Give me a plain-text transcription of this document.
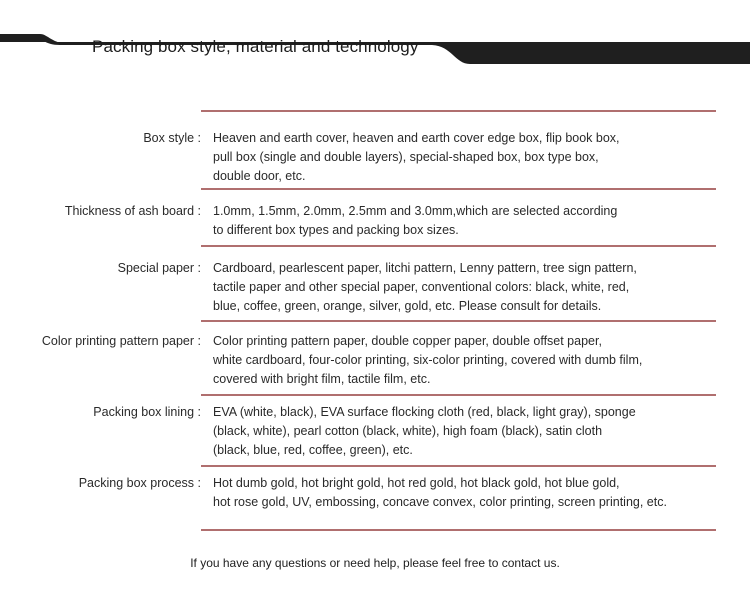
Packing box style, material and technology
Box style : Heaven and earth cover, heaven and earth cover edge box, flip book box,
pull box (single and double layers), special-shaped box, box type box,
double door, etc.
Thickness of ash board : 1.0mm, 1.5mm, 2.0mm, 2.5mm and 3.0mm,which are selected according
to different box types and packing box sizes.
Special paper : Cardboard, pearlescent paper, litchi pattern, Lenny pattern, tree sign pattern,
tactile paper and other special paper, conventional colors: black, white, red,
blue, coffee, green, orange, silver, gold, etc. Please consult for details.
Color printing pattern paper : Color printing pattern paper, double copper paper, double offset paper,
white cardboard, four-color printing, six-color printing, covered with dumb film,
covered with bright film, tactile film, etc.
Packing box lining : EVA (white, black), EVA surface flocking cloth (red, black, light gray), sponge
(black, white), pearl cotton (black, white), high foam (black), satin cloth
(black, blue, red, coffee, green), etc.
Packing box process : Hot dumb gold, hot bright gold, hot red gold, hot black gold, hot blue gold,
hot rose gold, UV, embossing, concave convex, color printing, screen printing, etc.
If you have any questions or need help, please feel free to contact us.
